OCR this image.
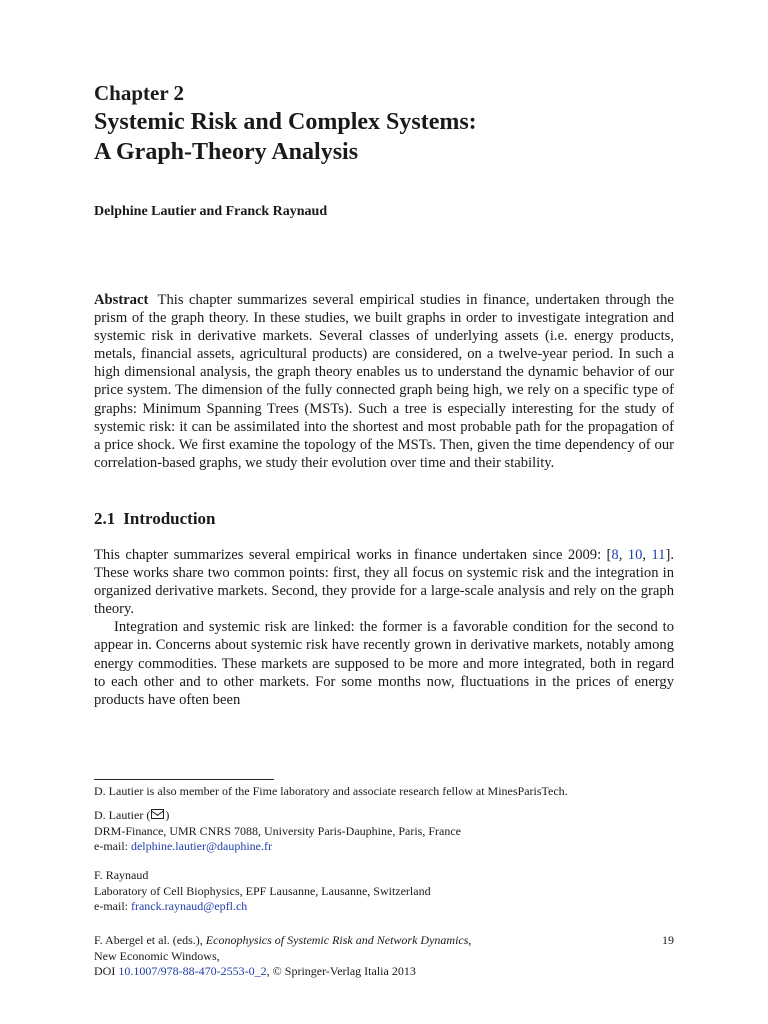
Chapter 2
Systemic Risk and Complex Systems:
A Graph-Theory Analysis
Delphine Lautier and Franck Raynaud
Abstract This chapter summarizes several empirical studies in finance, undertaken through the prism of the graph theory. In these studies, we built graphs in order to investigate integration and systemic risk in derivative markets. Several classes of underlying assets (i.e. energy products, metals, financial assets, agricultural products) are considered, on a twelve-year period. In such a high dimensional analysis, the graph theory enables us to understand the dynamic behavior of our price system. The dimension of the fully connected graph being high, we rely on a specific type of graphs: Minimum Spanning Trees (MSTs). Such a tree is especially interesting for the study of systemic risk: it can be assimilated into the shortest and most probable path for the propagation of a price shock. We first examine the topology of the MSTs. Then, given the time dependency of our correlation-based graphs, we study their evolution over time and their stability.
2.1 Introduction

This chapter summarizes several empirical works in finance undertaken since 2009: [8, 10, 11]. These works share two common points: first, they all focus on systemic risk and the integration in organized derivative markets. Second, they provide for a large-scale analysis and rely on the graph theory.

Integration and systemic risk are linked: the former is a favorable condition for the second to appear in. Concerns about systemic risk have recently grown in derivative markets, notably among energy commodities. These markets are supposed to be more and more integrated, both in regard to each other and to other markets. For some months now, fluctuations in the prices of energy products have often been

D. Lautier is also member of the Fime laboratory and associate research fellow at MinesParisTech.
D. Lautier ( )
DRM-Finance, UMR CNRS 7088, University Paris-Dauphine, Paris, France
e-mail: delphine.lautier@dauphine.fr
F. Raynaud
Laboratory of Cell Biophysics, EPF Lausanne, Lausanne, Switzerland
e-mail: franck.raynaud@epfl.ch
F. Abergel et al. (eds.), Econophysics of Systemic Risk and Network Dynamics,
New Economic Windows,
DOI 10.1007/978-88-470-2553-0_2, © Springer-Verlag Italia 2013
19
